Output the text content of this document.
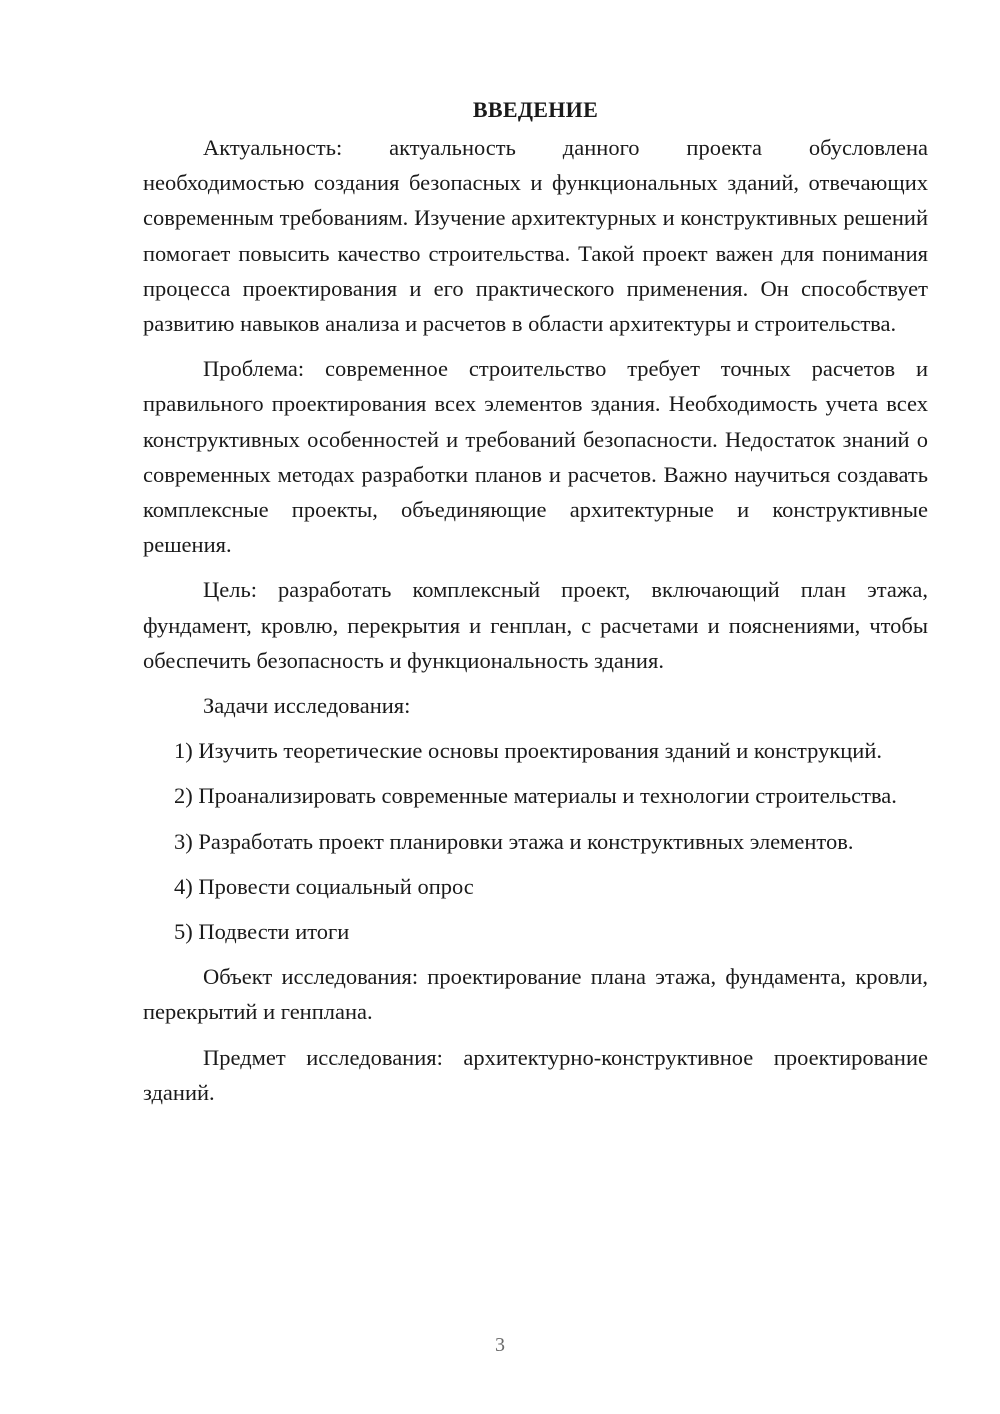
ВВЕДЕНИЕ

Актуальность: актуальность данного проекта обусловлена необходимостью создания безопасных и функциональных зданий, отвечающих современным требованиям. Изучение архитектурных и конструктивных решений помогает повысить качество строительства. Такой проект важен для понимания процесса проектирования и его практического применения. Он способствует развитию навыков анализа и расчетов в области архитектуры и строительства.

Проблема: современное строительство требует точных расчетов и правильного проектирования всех элементов здания. Необходимость учета всех конструктивных особенностей и требований безопасности. Недостаток знаний о современных методах разработки планов и расчетов. Важно научиться создавать комплексные проекты, объединяющие архитектурные и конструктивные решения.

Цель: разработать комплексный проект, включающий план этажа, фундамент, кровлю, перекрытия и генплан, с расчетами и пояснениями, чтобы обеспечить безопасность и функциональность здания.

Задачи исследования:

1) Изучить теоретические основы проектирования зданий и конструкций.

2) Проанализировать современные материалы и технологии строительства.

3) Разработать проект планировки этажа и конструктивных элементов.

4) Провести социальный опрос

5) Подвести итоги

Объект исследования: проектирование плана этажа, фундамента, кровли, перекрытий и генплана.

Предмет исследования: архитектурно-конструктивное проектирование зданий.

3
